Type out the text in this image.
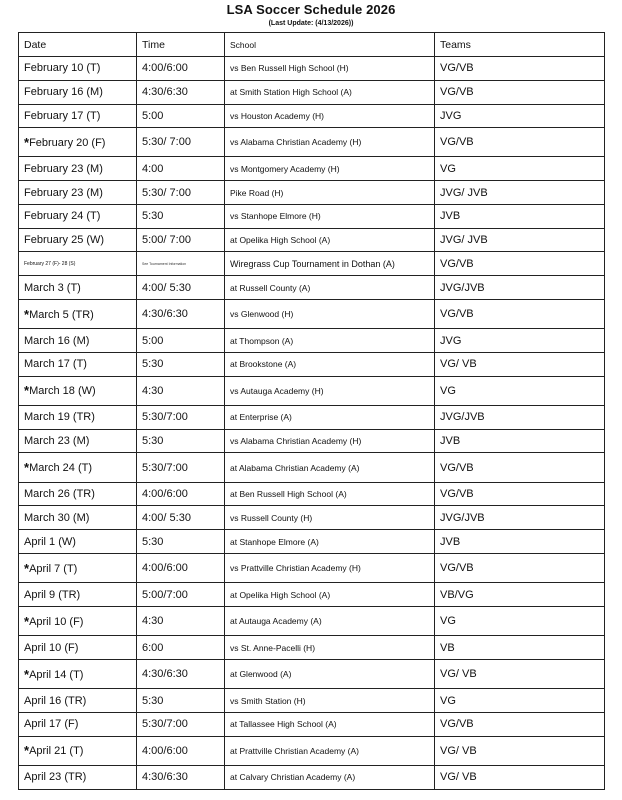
LSA Soccer Schedule 2026
(Last Update: (4/13/2026))
Date	Time	School	Teams
February 10 (T)	4:00/6:00	vs Ben Russell High School (H)	VG/VB
February 16 (M)	4:30/6:30	at Smith Station High School (A)	VG/VB
February 17 (T)	5:00	vs Houston Academy (H)	JVG
*February 20 (F)	5:30/ 7:00	vs Alabama Christian Academy (H)	VG/VB
February 23 (M)	4:00	vs Montgomery Academy (H)	VG
February 23 (M)	5:30/ 7:00	Pike Road (H)	JVG/ JVB
February 24 (T)	5:30	vs Stanhope Elmore (H)	JVB
February 25 (W)	5:00/ 7:00	at Opelika High School (A)	JVG/ JVB
February 27 (F)- 28 (S)	See Tournament Information	Wiregrass Cup Tournament in Dothan (A)	VG/VB
March 3 (T)	4:00/ 5:30	at Russell County (A)	JVG/JVB
*March 5 (TR)	4:30/6:30	vs Glenwood (H)	VG/VB
March 16 (M)	5:00	at Thompson (A)	JVG
March 17 (T)	5:30	at Brookstone (A)	VG/ VB
*March 18 (W)	4:30	vs Autauga Academy (H)	VG
March 19 (TR)	5:30/7:00	at Enterprise (A)	JVG/JVB
March 23 (M)	5:30	vs Alabama Christian Academy (H)	JVB
*March 24 (T)	5:30/7:00	at Alabama Christian Academy (A)	VG/VB
March 26 (TR)	4:00/6:00	at Ben Russell High School (A)	VG/VB
March 30 (M)	4:00/ 5:30	vs Russell County (H)	JVG/JVB
April 1 (W)	5:30	at Stanhope Elmore (A)	JVB
*April 7 (T)	4:00/6:00	vs Prattville Christian Academy (H)	VG/VB
April 9 (TR)	5:00/7:00	at Opelika High School (A)	VB/VG
*April 10 (F)	4:30	at Autauga Academy (A)	VG
April 10 (F)	6:00	vs St. Anne-Pacelli (H)	VB
*April 14 (T)	4:30/6:30	at Glenwood (A)	VG/ VB
April 16 (TR)	5:30	vs Smith Station (H)	VG
April 17 (F)	5:30/7:00	at Tallassee High School (A)	VG/VB
*April 21 (T)	4:00/6:00	at Prattville Christian Academy (A)	VG/ VB
April 23 (TR)	4:30/6:30	at Calvary Christian Academy (A)	VG/ VB
